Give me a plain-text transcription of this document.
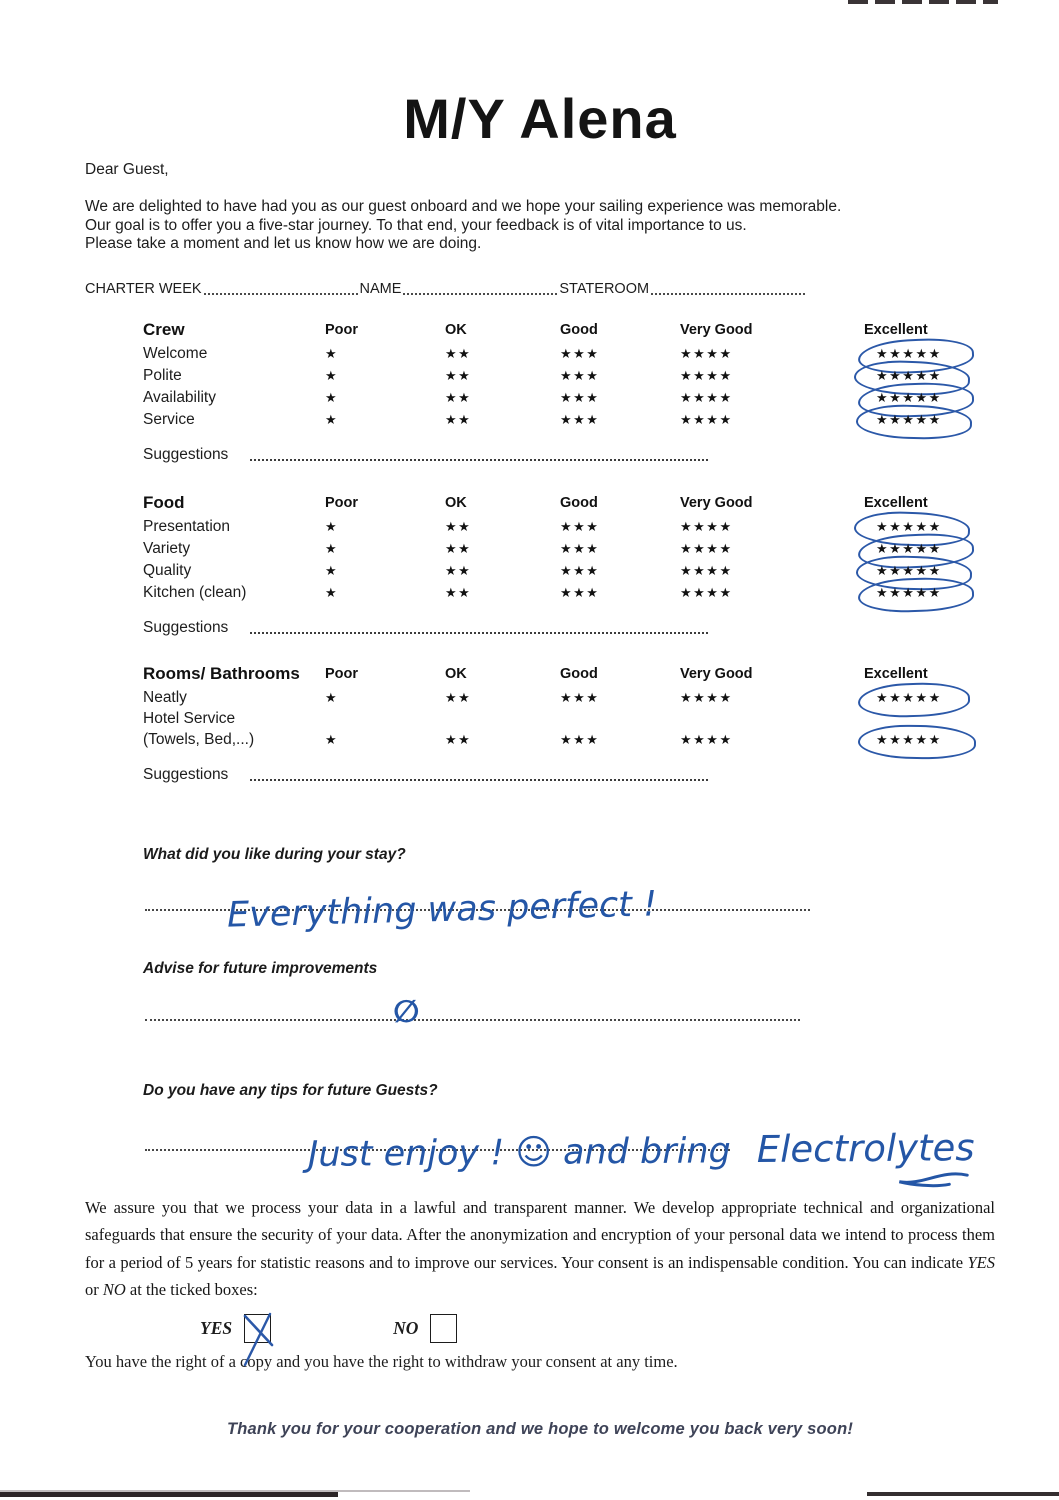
M/Y Alena
Dear Guest,
We are delighted to have had you as our guest onboard and we hope your sailing experience was memorable.
Our goal is to offer you a five-star journey. To that end, your feedback is of vital importance to us.
Please take a moment and let us know how we are doing.
CHARTER WEEK	NAME	STATEROOM
Crew	Poor	OK	Good	Very Good	Excellent
Welcome	★	★★	★★★	★★★★	★★★★★
Polite	★	★★	★★★	★★★★	★★★★★
Availability	★	★★	★★★	★★★★	★★★★★
Service	★	★★	★★★	★★★★	★★★★★
Suggestions
Food	Poor	OK	Good	Very Good	Excellent
Presentation	★	★★	★★★	★★★★	★★★★★
Variety	★	★★	★★★	★★★★	★★★★★
Quality	★	★★	★★★	★★★★	★★★★★
Kitchen (clean)	★	★★	★★★	★★★★	★★★★★
Suggestions
Rooms/ Bathrooms	Poor	OK	Good	Very Good	Excellent
Neatly	★	★★	★★★	★★★★	★★★★★
Hotel Service
(Towels, Bed,...)	★	★★	★★★	★★★★	★★★★★
Suggestions
What did you like during your stay?
Everything was perfect !
Advise for future improvements
∅
Do you have any tips for future Guests?
Just enjoy ! ☺ and bring Electrolytes

We assure you that we process your data in a lawful and transparent manner. We develop appropriate technical and organizational safeguards that ensure the security of your data. After the anonymization and encryption of your personal data we intend to process them for a period of 5 years for statistic reasons and to improve our services. Your consent is an indispensable condition. You can indicate YES or NO at the ticked boxes:

YES	NO
You have the right of a copy and you have the right to withdraw your consent at any time.
Thank you for your cooperation and we hope to welcome you back very soon!
